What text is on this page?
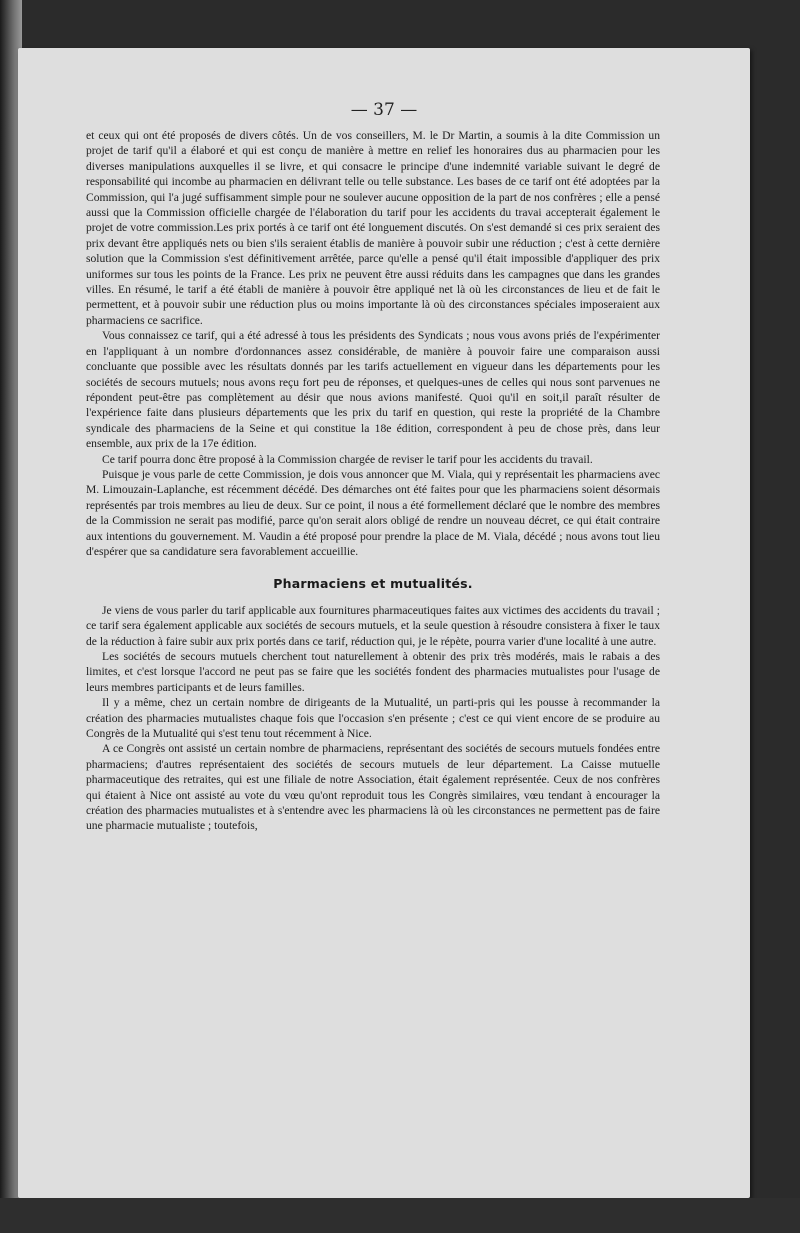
— 37 —

et ceux qui ont été proposés de divers côtés. Un de vos conseillers, M. le Dr Martin, a soumis à la dite Commission un projet de tarif qu'il a élaboré et qui est conçu de manière à mettre en relief les honoraires dus au pharmacien pour les diverses manipulations auxquelles il se livre, et qui consacre le principe d'une indemnité variable suivant le degré de responsabilité qui incombe au pharmacien en délivrant telle ou telle substance. Les bases de ce tarif ont été adoptées par la Commission, qui l'a jugé suffisamment simple pour ne soulever aucune opposition de la part de nos confrères ; elle a pensé aussi que la Commission officielle chargée de l'élaboration du tarif pour les accidents du travai accepterait également le projet de votre commission.Les prix portés à ce tarif ont été longuement discutés. On s'est demandé si ces prix seraient des prix devant être appliqués nets ou bien s'ils seraient établis de manière à pouvoir subir une réduction ; c'est à cette dernière solution que la Commission s'est définitivement arrêtée, parce qu'elle a pensé qu'il était impossible d'appliquer des prix uniformes sur tous les points de la France. Les prix ne peuvent être aussi réduits dans les campagnes que dans les grandes villes. En résumé, le tarif a été établi de manière à pouvoir être appliqué net là où les circonstances de lieu et de fait le permettent, et à pouvoir subir une réduction plus ou moins importante là où des circonstances spéciales imposeraient aux pharmaciens ce sacrifice.

Vous connaissez ce tarif, qui a été adressé à tous les présidents des Syndicats ; nous vous avons priés de l'expérimenter en l'appliquant à un nombre d'ordonnances assez considérable, de manière à pouvoir faire une comparaison aussi concluante que possible avec les résultats donnés par les tarifs actuellement en vigueur dans les départements pour les sociétés de secours mutuels; nous avons reçu fort peu de réponses, et quelques-unes de celles qui nous sont parvenues ne répondent peut-être pas complètement au désir que nous avions manifesté. Quoi qu'il en soit,il paraît résulter de l'expérience faite dans plusieurs départements que les prix du tarif en question, qui reste la propriété de la Chambre syndicale des pharmaciens de la Seine et qui constitue la 18e édition, correspondent à peu de chose près, dans leur ensemble, aux prix de la 17e édition.

Ce tarif pourra donc être proposé à la Commission chargée de reviser le tarif pour les accidents du travail.

Puisque je vous parle de cette Commission, je dois vous annoncer que M. Viala, qui y représentait les pharmaciens avec M. Limouzain-Laplanche, est récemment décédé. Des démarches ont été faites pour que les pharmaciens soient désormais représentés par trois membres au lieu de deux. Sur ce point, il nous a été formellement déclaré que le nombre des membres de la Commission ne serait pas modifié, parce qu'on serait alors obligé de rendre un nouveau décret, ce qui était contraire aux intentions du gouvernement. M. Vaudin a été proposé pour prendre la place de M. Viala, décédé ; nous avons tout lieu d'espérer que sa candidature sera favorablement accueillie.

Pharmaciens et mutualités.

Je viens de vous parler du tarif applicable aux fournitures pharmaceutiques faites aux victimes des accidents du travail ; ce tarif sera également applicable aux sociétés de secours mutuels, et la seule question à résoudre consistera à fixer le taux de la réduction à faire subir aux prix portés dans ce tarif, réduction qui, je le répète, pourra varier d'une localité à une autre.

Les sociétés de secours mutuels cherchent tout naturellement à obtenir des prix très modérés, mais le rabais a des limites, et c'est lorsque l'accord ne peut pas se faire que les sociétés fondent des pharmacies mutualistes pour l'usage de leurs membres participants et de leurs familles.

Il y a même, chez un certain nombre de dirigeants de la Mutualité, un parti-pris qui les pousse à recommander la création des pharmacies mutualistes chaque fois que l'occasion s'en présente ; c'est ce qui vient encore de se produire au Congrès de la Mutualité qui s'est tenu tout récemment à Nice.

A ce Congrès ont assisté un certain nombre de pharmaciens, représentant des sociétés de secours mutuels fondées entre pharmaciens; d'autres représentaient des sociétés de secours mutuels de leur département. La Caisse mutuelle pharmaceutique des retraites, qui est une filiale de notre Association, était également représentée. Ceux de nos confrères qui étaient à Nice ont assisté au vote du vœu qu'ont reproduit tous les Congrès similaires, vœu tendant à encourager la création des pharmacies mutualistes et à s'entendre avec les pharmaciens là où les circonstances ne permettent pas de faire une pharmacie mutualiste ; toutefois,
